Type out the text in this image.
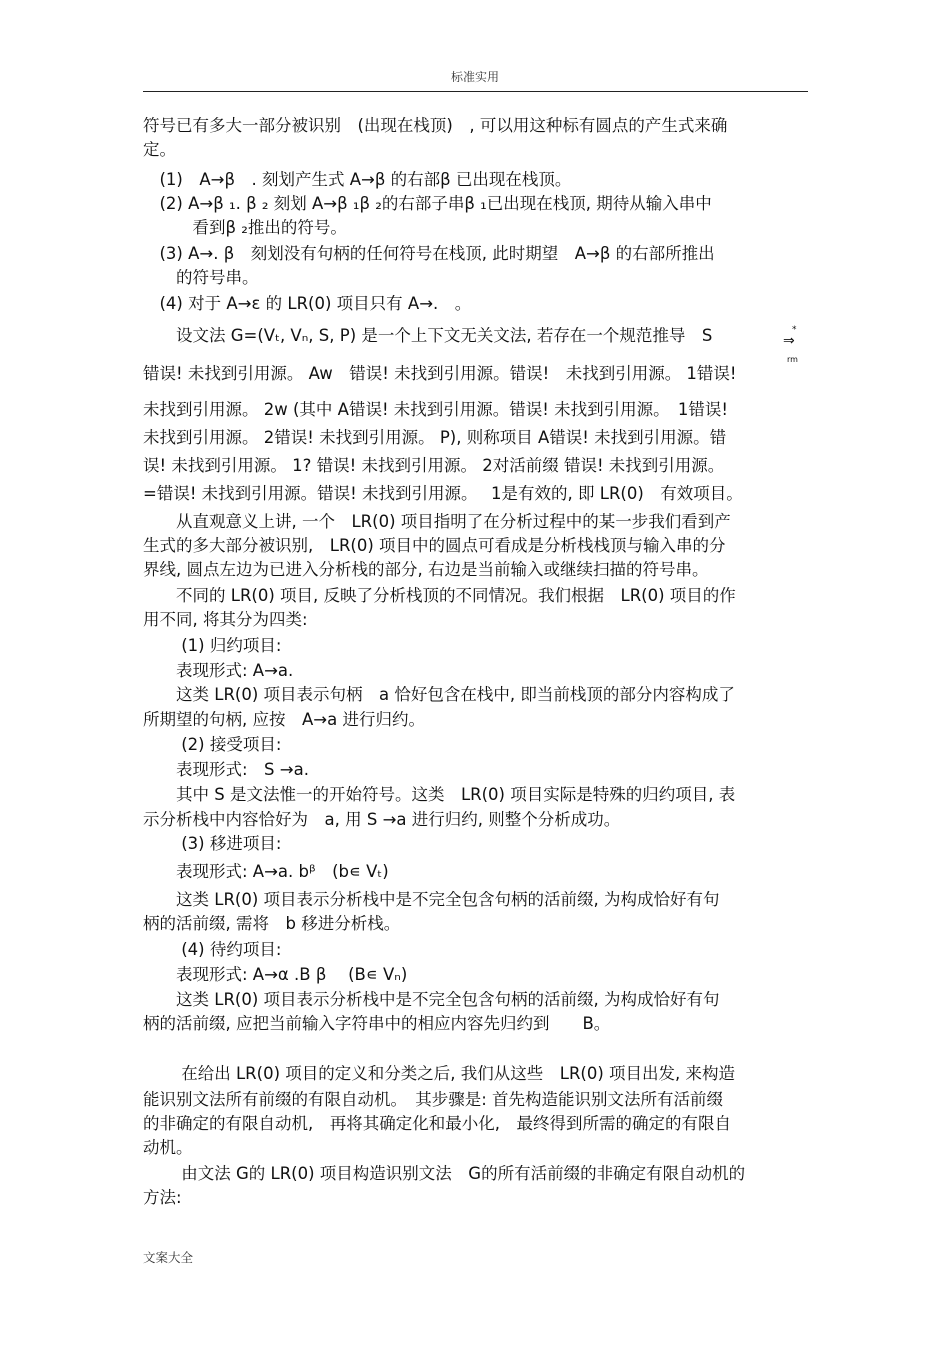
标准实用
符号已有多大一部分被识别　(出现在栈顶)　, 可以用这种标有圆点的产生式来确
定。
　(1)　A→β　. 刻划产生式 A→β 的右部β 已出现在栈顶。
　(2) A→β ₁. β ₂ 刻划 A→β ₁β ₂的右部子串β ₁已出现在栈顶, 期待从输入串中
　　　看到β ₂推出的符号。
　(3) A→. β　刻划没有句柄的任何符号在栈顶, 此时期望　A→β 的右部所推出
　　的符号串。
　(4) 对于 A→ε 的 LR(0) 项目只有 A→.　。
　　设文法 G=(Vₜ, Vₙ, S, P) 是一个上下文无关文法, 若存在一个规范推导　S
错误! 未找到引用源。 Aw　错误! 未找到引用源。错误!　未找到引用源。 1错误!
未找到引用源。 2w (其中 A错误! 未找到引用源。错误! 未找到引用源。　1错误!
未找到引用源。 2错误! 未找到引用源。 P), 则称项目 A错误! 未找到引用源。错
误! 未找到引用源。 1? 错误! 未找到引用源。 2对活前缀 错误! 未找到引用源。
=错误! 未找到引用源。错误! 未找到引用源。　 1是有效的, 即 LR(0)　有效项目。
　　从直观意义上讲, 一个　LR(0) 项目指明了在分析过程中的某一步我们看到产
生式的多大部分被识别,　LR(0) 项目中的圆点可看成是分析栈栈顶与输入串的分
界线, 圆点左边为已进入分析栈的部分, 右边是当前输入或继续扫描的符号串。
　　不同的 LR(0) 项目, 反映了分析栈顶的不同情况。我们根据　LR(0) 项目的作
用不同, 将其分为四类:
　　 (1) 归约项目:
　　表现形式: A→a.
　　这类 LR(0) 项目表示句柄　a 恰好包含在栈中, 即当前栈顶的部分内容构成了
所期望的句柄, 应按　A→a 进行归约。
　　 (2) 接受项目:
　　表现形式:　S →a.
　　其中 S 是文法惟一的开始符号。这类　LR(0) 项目实际是特殊的归约项目, 表
示分析栈中内容恰好为　a, 用 S →a 进行归约, 则整个分析成功。
　　 (3) 移进项目:
　　表现形式: A→a. bᵝ　(b∊ Vₜ)
　　这类 LR(0) 项目表示分析栈中是不完全包含句柄的活前缀, 为构成恰好有句
柄的活前缀, 需将　b 移进分析栈。
　　 (4) 待约项目:
　　表现形式: A→α .B β　 (B∊ Vₙ)
　　这类 LR(0) 项目表示分析栈中是不完全包含句柄的活前缀, 为构成恰好有句
柄的活前缀, 应把当前输入字符串中的相应内容先归约到　　B。
　　 在给出 LR(0) 项目的定义和分类之后, 我们从这些　LR(0) 项目出发, 来构造
能识别文法所有前缀的有限自动机。　其步骤是: 首先构造能识别文法所有活前缀
的非确定的有限自动机,　再将其确定化和最小化,　最终得到所需的确定的有限自
动机。
　　 由文法 G的 LR(0) 项目构造识别文法　G的所有活前缀的非确定有限自动机的
方法:
*
⇒
rm
文案大全
